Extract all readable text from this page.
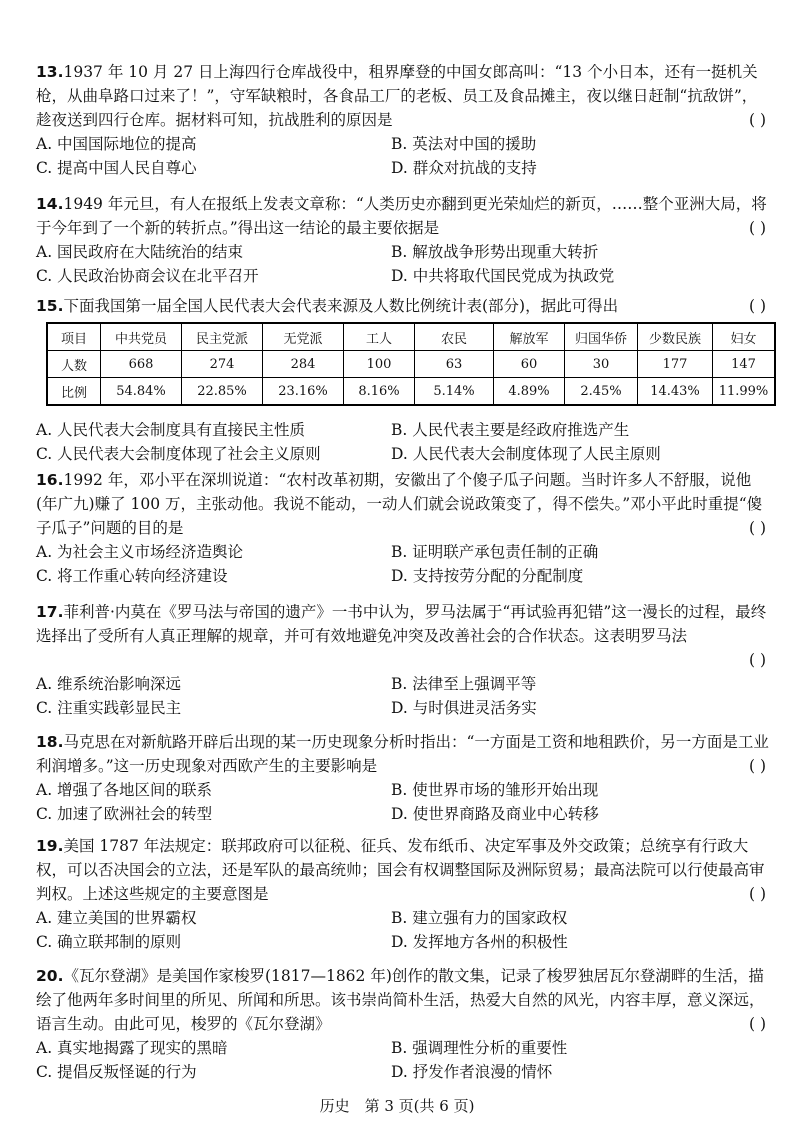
13.1937 年 10 月 27 日上海四行仓库战役中，租界摩登的中国女郎高叫：“13 个小日本，还有一挺机关枪，从曲阜路口过来了！”，守军缺粮时，各食品工厂的老板、员工及食品摊主，夜以继日赶制“抗敌饼”，趁夜送到四行仓库。据材料可知，抗战胜利的原因是	( )
A. 中国国际地位的提高	B. 英法对中国的援助
C. 提高中国人民自尊心	D. 群众对抗战的支持
14.1949 年元旦，有人在报纸上发表文章称：“人类历史亦翻到更光荣灿烂的新页，……整个亚洲大局，将于今年到了一个新的转折点。”得出这一结论的最主要依据是	( )
A. 国民政府在大陆统治的结束	B. 解放战争形势出现重大转折
C. 人民政治协商会议在北平召开	D. 中共将取代国民党成为执政党
15.下面我国第一届全国人民代表大会代表来源及人数比例统计表(部分)，据此可得出	( )
项目	中共党员	民主党派	无党派	工人	农民	解放军	归国华侨	少数民族	妇女
人数	668	274	284	100	63	60	30	177	147
比例	54.84%	22.85%	23.16%	8.16%	5.14%	4.89%	2.45%	14.43%	11.99%
A. 人民代表大会制度具有直接民主性质	B. 人民代表主要是经政府推选产生
C. 人民代表大会制度体现了社会主义原则	D. 人民代表大会制度体现了人民主原则
16.1992 年，邓小平在深圳说道：“农村改革初期，安徽出了个傻子瓜子问题。当时许多人不舒服，说他(年广九)赚了 100 万，主张动他。我说不能动，一动人们就会说政策变了，得不偿失。”邓小平此时重提“傻子瓜子”问题的目的是	( )
A. 为社会主义市场经济造舆论	B. 证明联产承包责任制的正确
C. 将工作重心转向经济建设	D. 支持按劳分配的分配制度
17.菲利普·内莫在《罗马法与帝国的遗产》一书中认为，罗马法属于“再试验再犯错”这一漫长的过程，最终选择出了受所有人真正理解的规章，并可有效地避免冲突及改善社会的合作状态。这表明罗马法
( )
A. 维系统治影响深远	B. 法律至上强调平等
C. 注重实践彰显民主	D. 与时俱进灵活务实
18.马克思在对新航路开辟后出现的某一历史现象分析时指出：“一方面是工资和地租跌价，另一方面是工业利润增多。”这一历史现象对西欧产生的主要影响是	( )
A. 增强了各地区间的联系	B. 使世界市场的雏形开始出现
C. 加速了欧洲社会的转型	D. 使世界商路及商业中心转移
19.美国 1787 年法规定：联邦政府可以征税、征兵、发布纸币、决定军事及外交政策；总统享有行政大权，可以否决国会的立法，还是军队的最高统帅；国会有权调整国际及洲际贸易；最高法院可以行使最高审判权。上述这些规定的主要意图是	( )
A. 建立美国的世界霸权	B. 建立强有力的国家政权
C. 确立联邦制的原则	D. 发挥地方各州的积极性
20.《瓦尔登湖》是美国作家梭罗(1817—1862 年)创作的散文集，记录了梭罗独居瓦尔登湖畔的生活，描绘了他两年多时间里的所见、所闻和所思。该书崇尚简朴生活，热爱大自然的风光，内容丰厚，意义深远，语言生动。由此可见，梭罗的《瓦尔登湖》	( )
A. 真实地揭露了现实的黑暗	B. 强调理性分析的重要性
C. 提倡反叛怪诞的行为	D. 抒发作者浪漫的情怀
历史　第 3 页(共 6 页)
